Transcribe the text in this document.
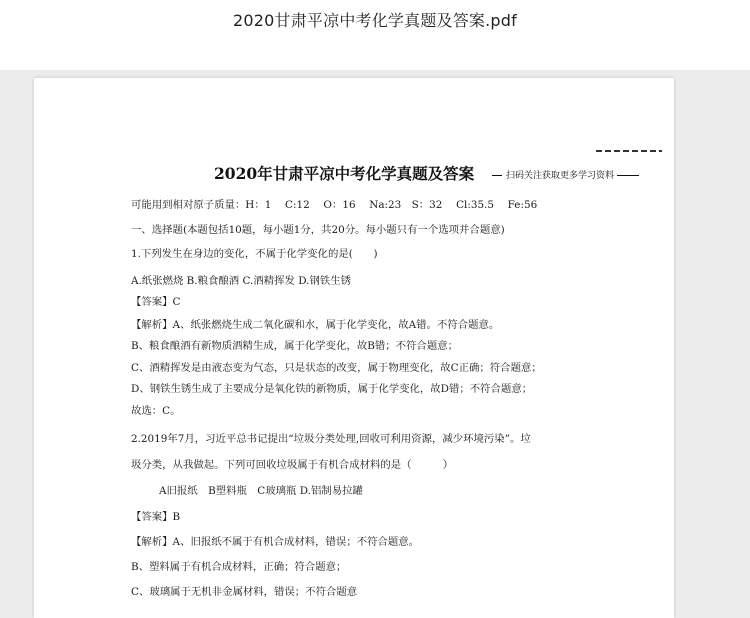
2020甘肃平凉中考化学真题及答案.pdf
2020年甘肃平凉中考化学真题及答案	扫码关注获取更多学习资料
可能用到相对原子质量：H：1　 C:12　 O：16　 Na:23　S：32　 Cl:35.5　 Fe:56
一、选择题(本题包括10题，每小题1分，共20分。每小题只有一个选项并合题意)
1.下列发生在身边的变化，不属于化学变化的是(　　)
A.纸张燃烧 B.粮食酿酒 C.酒精挥发 D.钢铁生锈
【答案】C
【解析】A、纸张燃烧生成二氧化碳和水，属于化学变化，故A错。不符合题意。
B、粮食酿酒有新物质酒精生成，属于化学变化，故B错；不符合题意；
C、酒精挥发是由液态变为气态，只是状态的改变，属于物理变化，故C正确；符合题意；
D、钢铁生锈生成了主要成分是氧化铁的新物质，属于化学变化，故D错；不符合题意；
故选：C。
2.2019年7月，习近平总书记提出“垃圾分类处理,回收可利用资源，减少环境污染”。垃
圾分类，从我做起。下列可回收垃圾属于有机合成材料的是（　　　）
A旧报纸　B塑料瓶　C玻璃瓶 D.铝制易拉罐
【答案】B
【解析】A、旧报纸不属于有机合成材料，错误；不符合题意。
B、塑料属于有机合成材料，正确；符合题意；
C、玻璃属于无机非金属材料，错误；不符合题意
